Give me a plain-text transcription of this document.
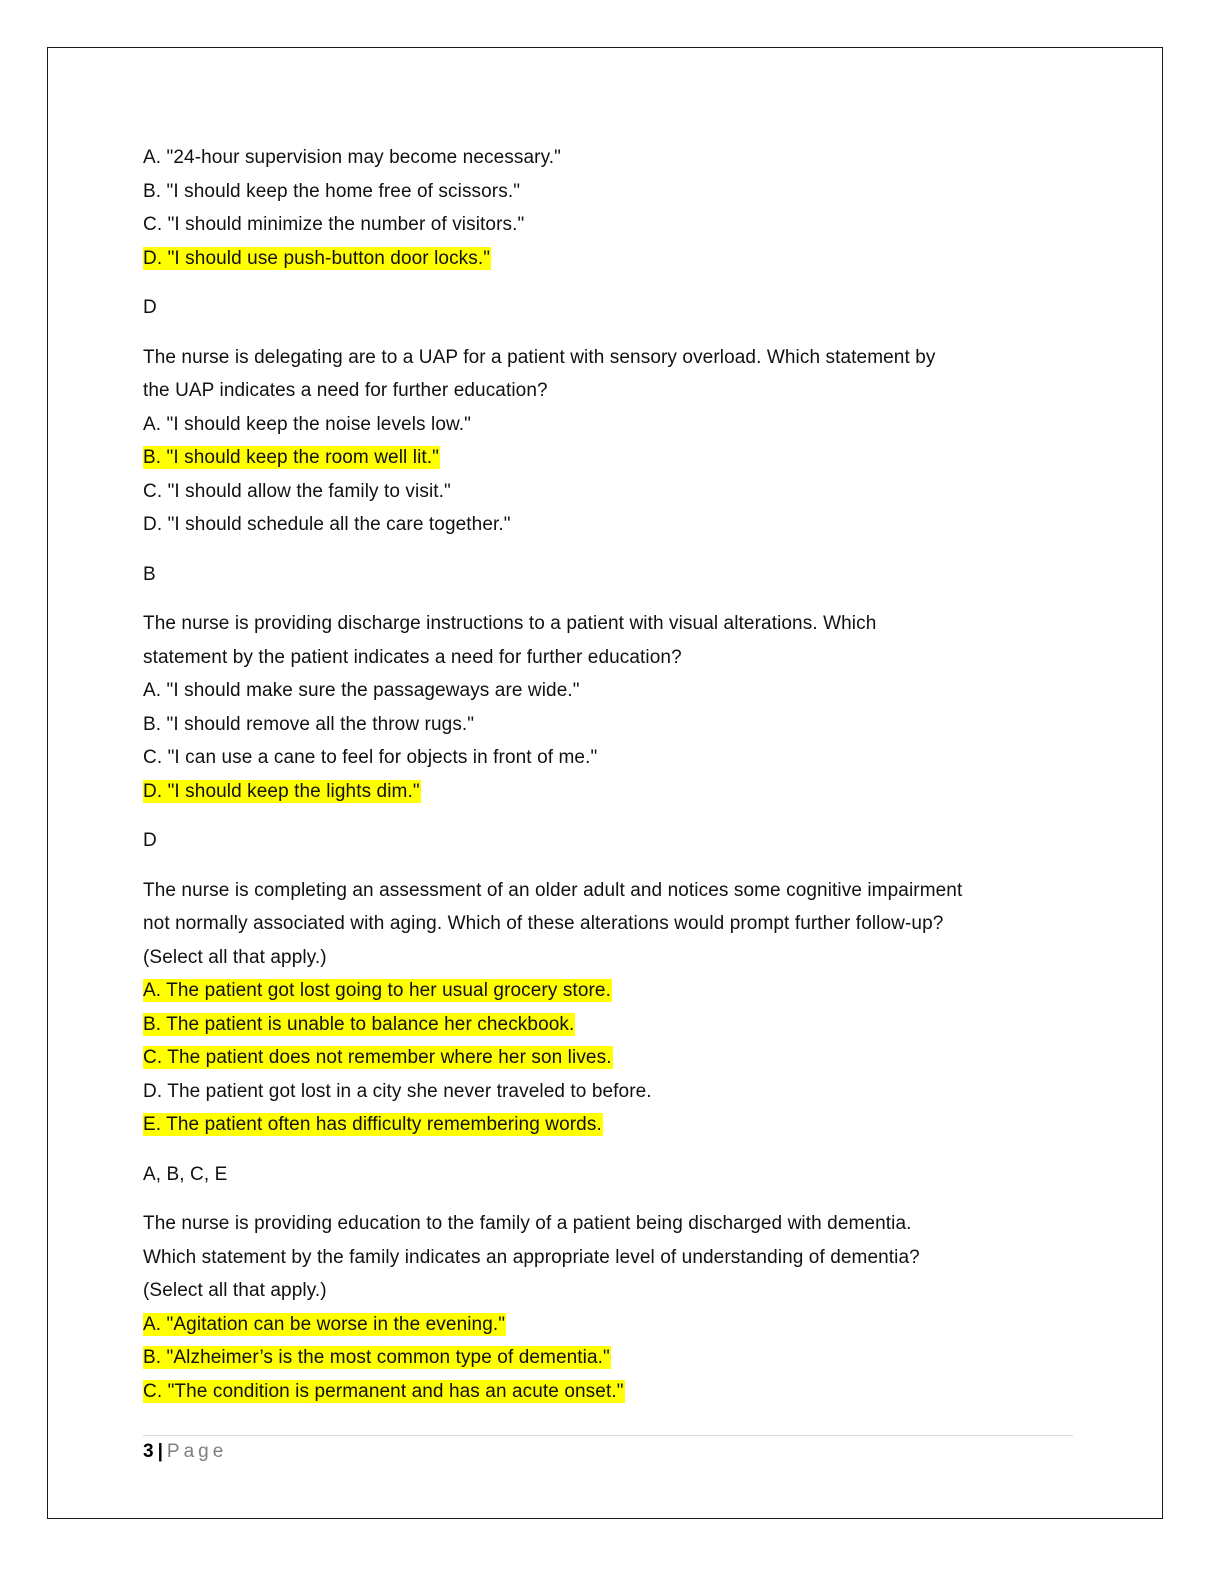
A. "24-hour supervision may become necessary."
B. "I should keep the home free of scissors."
C. "I should minimize the number of visitors."
D. "I should use push-button door locks."
D
The nurse is delegating are to a UAP for a patient with sensory overload. Which statement by
the UAP indicates a need for further education?
A. "I should keep the noise levels low."
B. "I should keep the room well lit."
C. "I should allow the family to visit."
D. "I should schedule all the care together."
B
The nurse is providing discharge instructions to a patient with visual alterations. Which
statement by the patient indicates a need for further education?
A. "I should make sure the passageways are wide."
B. "I should remove all the throw rugs."
C. "I can use a cane to feel for objects in front of me."
D. "I should keep the lights dim."
D
The nurse is completing an assessment of an older adult and notices some cognitive impairment
not normally associated with aging. Which of these alterations would prompt further follow-up?
(Select all that apply.)
A. The patient got lost going to her usual grocery store.
B. The patient is unable to balance her checkbook.
C. The patient does not remember where her son lives.
D. The patient got lost in a city she never traveled to before.
E. The patient often has difficulty remembering words.
A, B, C, E
The nurse is providing education to the family of a patient being discharged with dementia.
Which statement by the family indicates an appropriate level of understanding of dementia?
(Select all that apply.)
A. "Agitation can be worse in the evening."
B. "Alzheimer’s is the most common type of dementia."
C. "The condition is permanent and has an acute onset."
3 | Page
